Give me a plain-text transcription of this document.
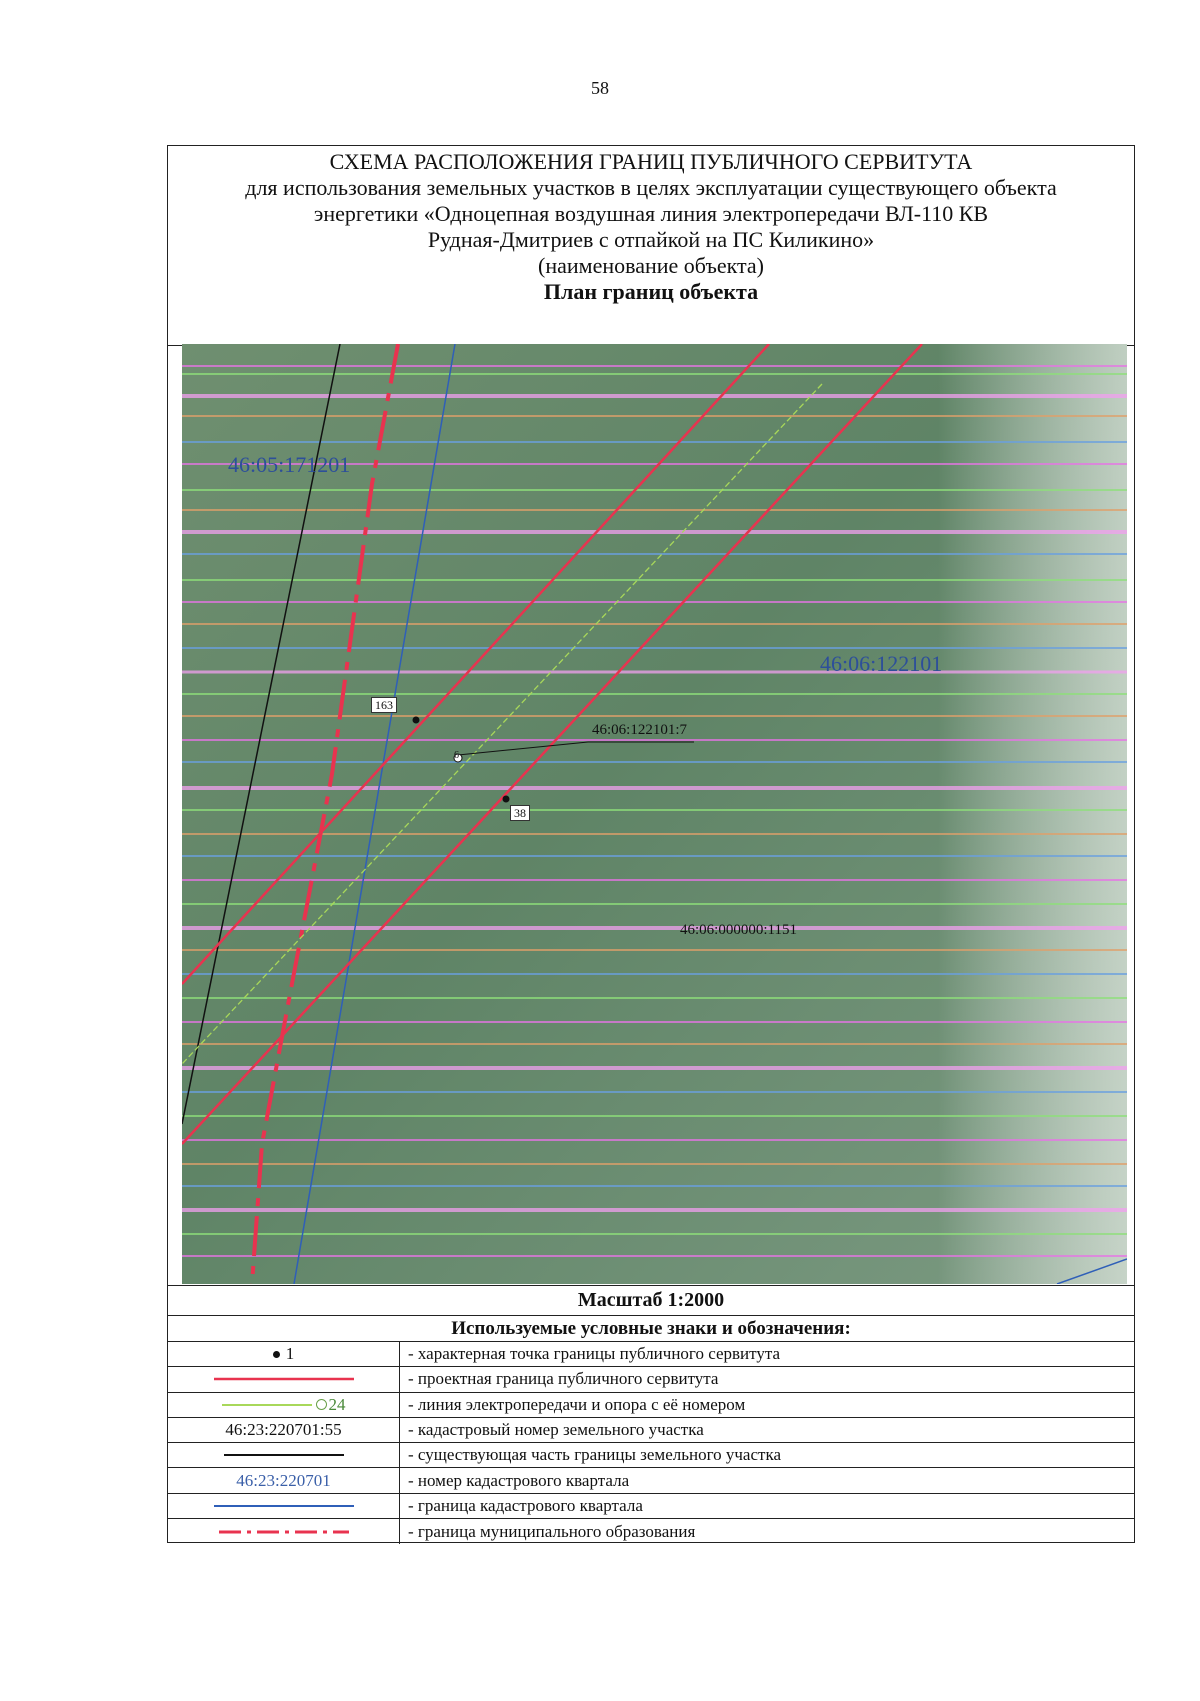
58
СХЕМА РАСПОЛОЖЕНИЯ ГРАНИЦ ПУБЛИЧНОГО СЕРВИТУТА
для использования земельных участков в целях эксплуатации существующего объекта
энергетики «Одноцепная воздушная линия электропередачи ВЛ-110 КВ
Рудная-Дмитриев с отпайкой на ПС Киликино»
(наименование объекта)
План границ объекта
46:05:171201
46:06:122101
46:06:122101:7
46:06:000000:1151
163
38
6
Масштаб 1:2000
Используемые условные знаки и обозначения:
1	- характерная точка границы публичного сервитута
- проектная граница публичного сервитута
24	- линия электропередачи и опора с её номером
46:23:220701:55	- кадастровый номер земельного участка
- существующая часть границы земельного участка
46:23:220701	- номер кадастрового квартала
- граница кадастрового квартала
- граница муниципального образования
